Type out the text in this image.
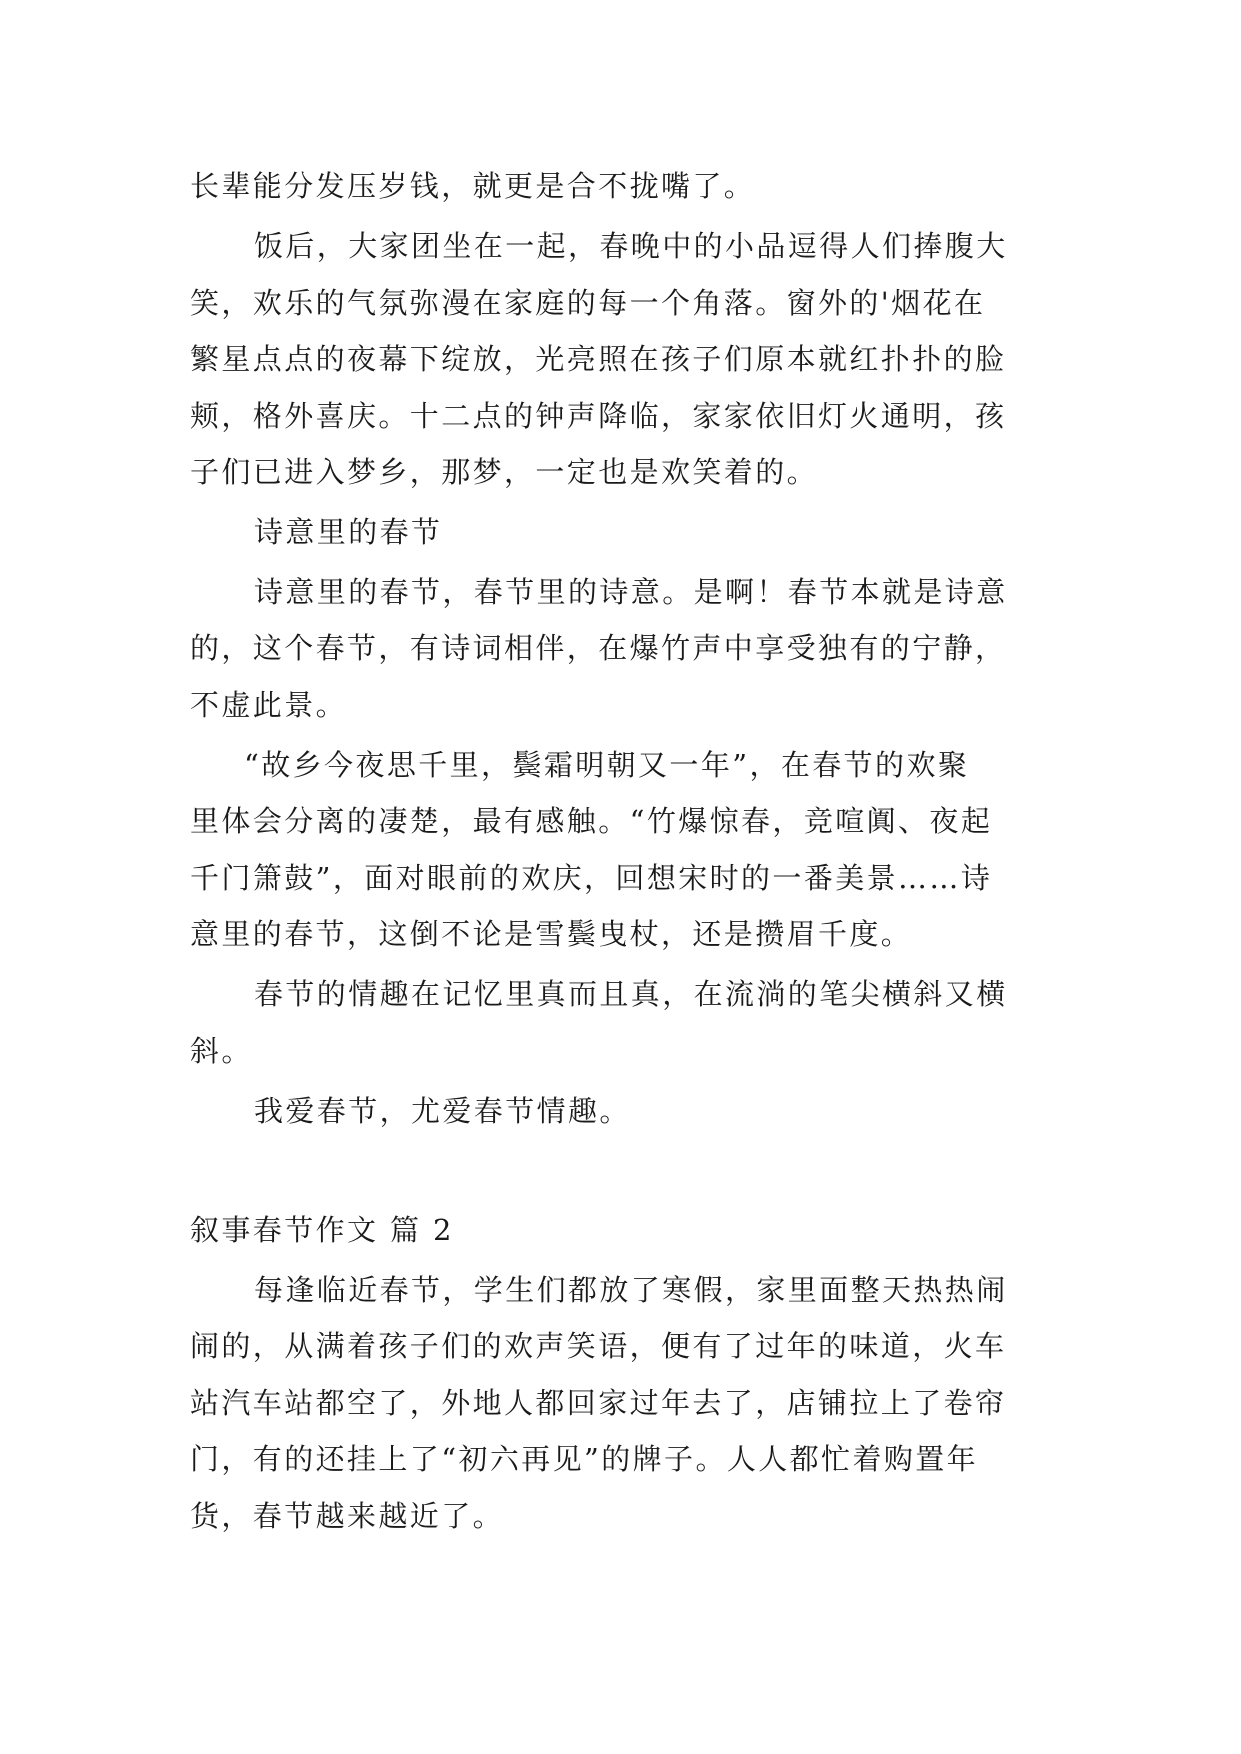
长辈能分发压岁钱，就更是合不拢嘴了。
饭后，大家团坐在一起，春晚中的小品逗得人们捧腹大
笑，欢乐的气氛弥漫在家庭的每一个角落。窗外的'烟花在
繁星点点的夜幕下绽放，光亮照在孩子们原本就红扑扑的脸
颊，格外喜庆。十二点的钟声降临，家家依旧灯火通明，孩
子们已进入梦乡，那梦，一定也是欢笑着的。
诗意里的春节
诗意里的春节，春节里的诗意。是啊！春节本就是诗意
的，这个春节，有诗词相伴，在爆竹声中享受独有的宁静，
不虚此景。
“故乡今夜思千里，鬓霜明朝又一年”，在春节的欢聚
里体会分离的凄楚，最有感触。“竹爆惊春，竞喧阗、夜起
千门箫鼓”，面对眼前的欢庆，回想宋时的一番美景……诗
意里的春节，这倒不论是雪鬓曳杖，还是攒眉千度。
春节的情趣在记忆里真而且真，在流淌的笔尖横斜又横
斜。
我爱春节，尤爱春节情趣。
叙事春节作文 篇 2
每逢临近春节，学生们都放了寒假，家里面整天热热闹
闹的，从满着孩子们的欢声笑语，便有了过年的味道，火车
站汽车站都空了，外地人都回家过年去了，店铺拉上了卷帘
门，有的还挂上了“初六再见”的牌子。人人都忙着购置年
货，春节越来越近了。
